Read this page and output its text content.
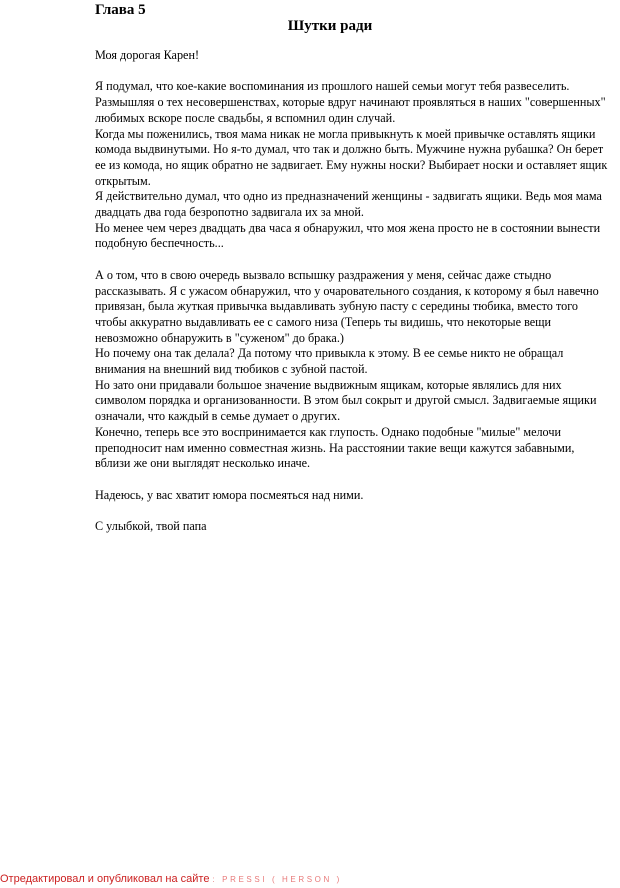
Глава 5
Шутки ради

Моя дорогая Карен!

Я подумал, что кое-какие воспоминания из прошлого нашей семьи могут тебя развеселить.

Размышляя о тех несовершенствах, которые вдруг начинают проявляться в наших "совершенных"

любимых вскоре после свадьбы, я вспомнил один случай.

Когда мы поженились, твоя мама никак не могла привыкнуть к моей привычке оставлять ящики

комода выдвинутыми. Но я-то думал, что так и должно быть. Мужчине нужна рубашка? Он берет

ее из комода, но ящик обратно не задвигает. Ему нужны носки? Выбирает носки и оставляет ящик

открытым.

Я действительно думал, что одно из предназначений женщины - задвигать ящики. Ведь моя мама

двадцать два года безропотно задвигала их за мной.

Но менее чем через двадцать два часа я обнаружил, что моя жена просто не в состоянии вынести

подобную беспечность...

А о том, что в свою очередь вызвало вспышку раздражения у меня, сейчас даже стыдно

рассказывать. Я с ужасом обнаружил, что у очаровательного создания, к которому я был навечно

привязан, была жуткая привычка выдавливать зубную пасту с середины тюбика, вместо того

чтобы аккуратно выдавливать ее с самого низа (Теперь ты видишь, что некоторые вещи

невозможно обнаружить в "суженом" до брака.)

Но почему она так делала? Да потому что привыкла к этому. В ее семье никто не обращал

внимания на внешний вид тюбиков с зубной пастой.

Но зато они придавали большое значение выдвижным ящикам, которые являлись для них

символом порядка и организованности. В этом был сокрыт и другой смысл. Задвигаемые ящики

означали, что каждый в семье думает о других.

Конечно, теперь все это воспринимается как глупость. Однако подобные "милые" мелочи

преподносит нам именно совместная жизнь. На расстоянии такие вещи кажутся забавными,

вблизи же они выглядят несколько иначе.

Надеюсь, у вас хватит юмора посмеяться над ними.

С улыбкой, твой папа

Отредактировал и опубликовал на сайте : PRESSI ( HERSON )
